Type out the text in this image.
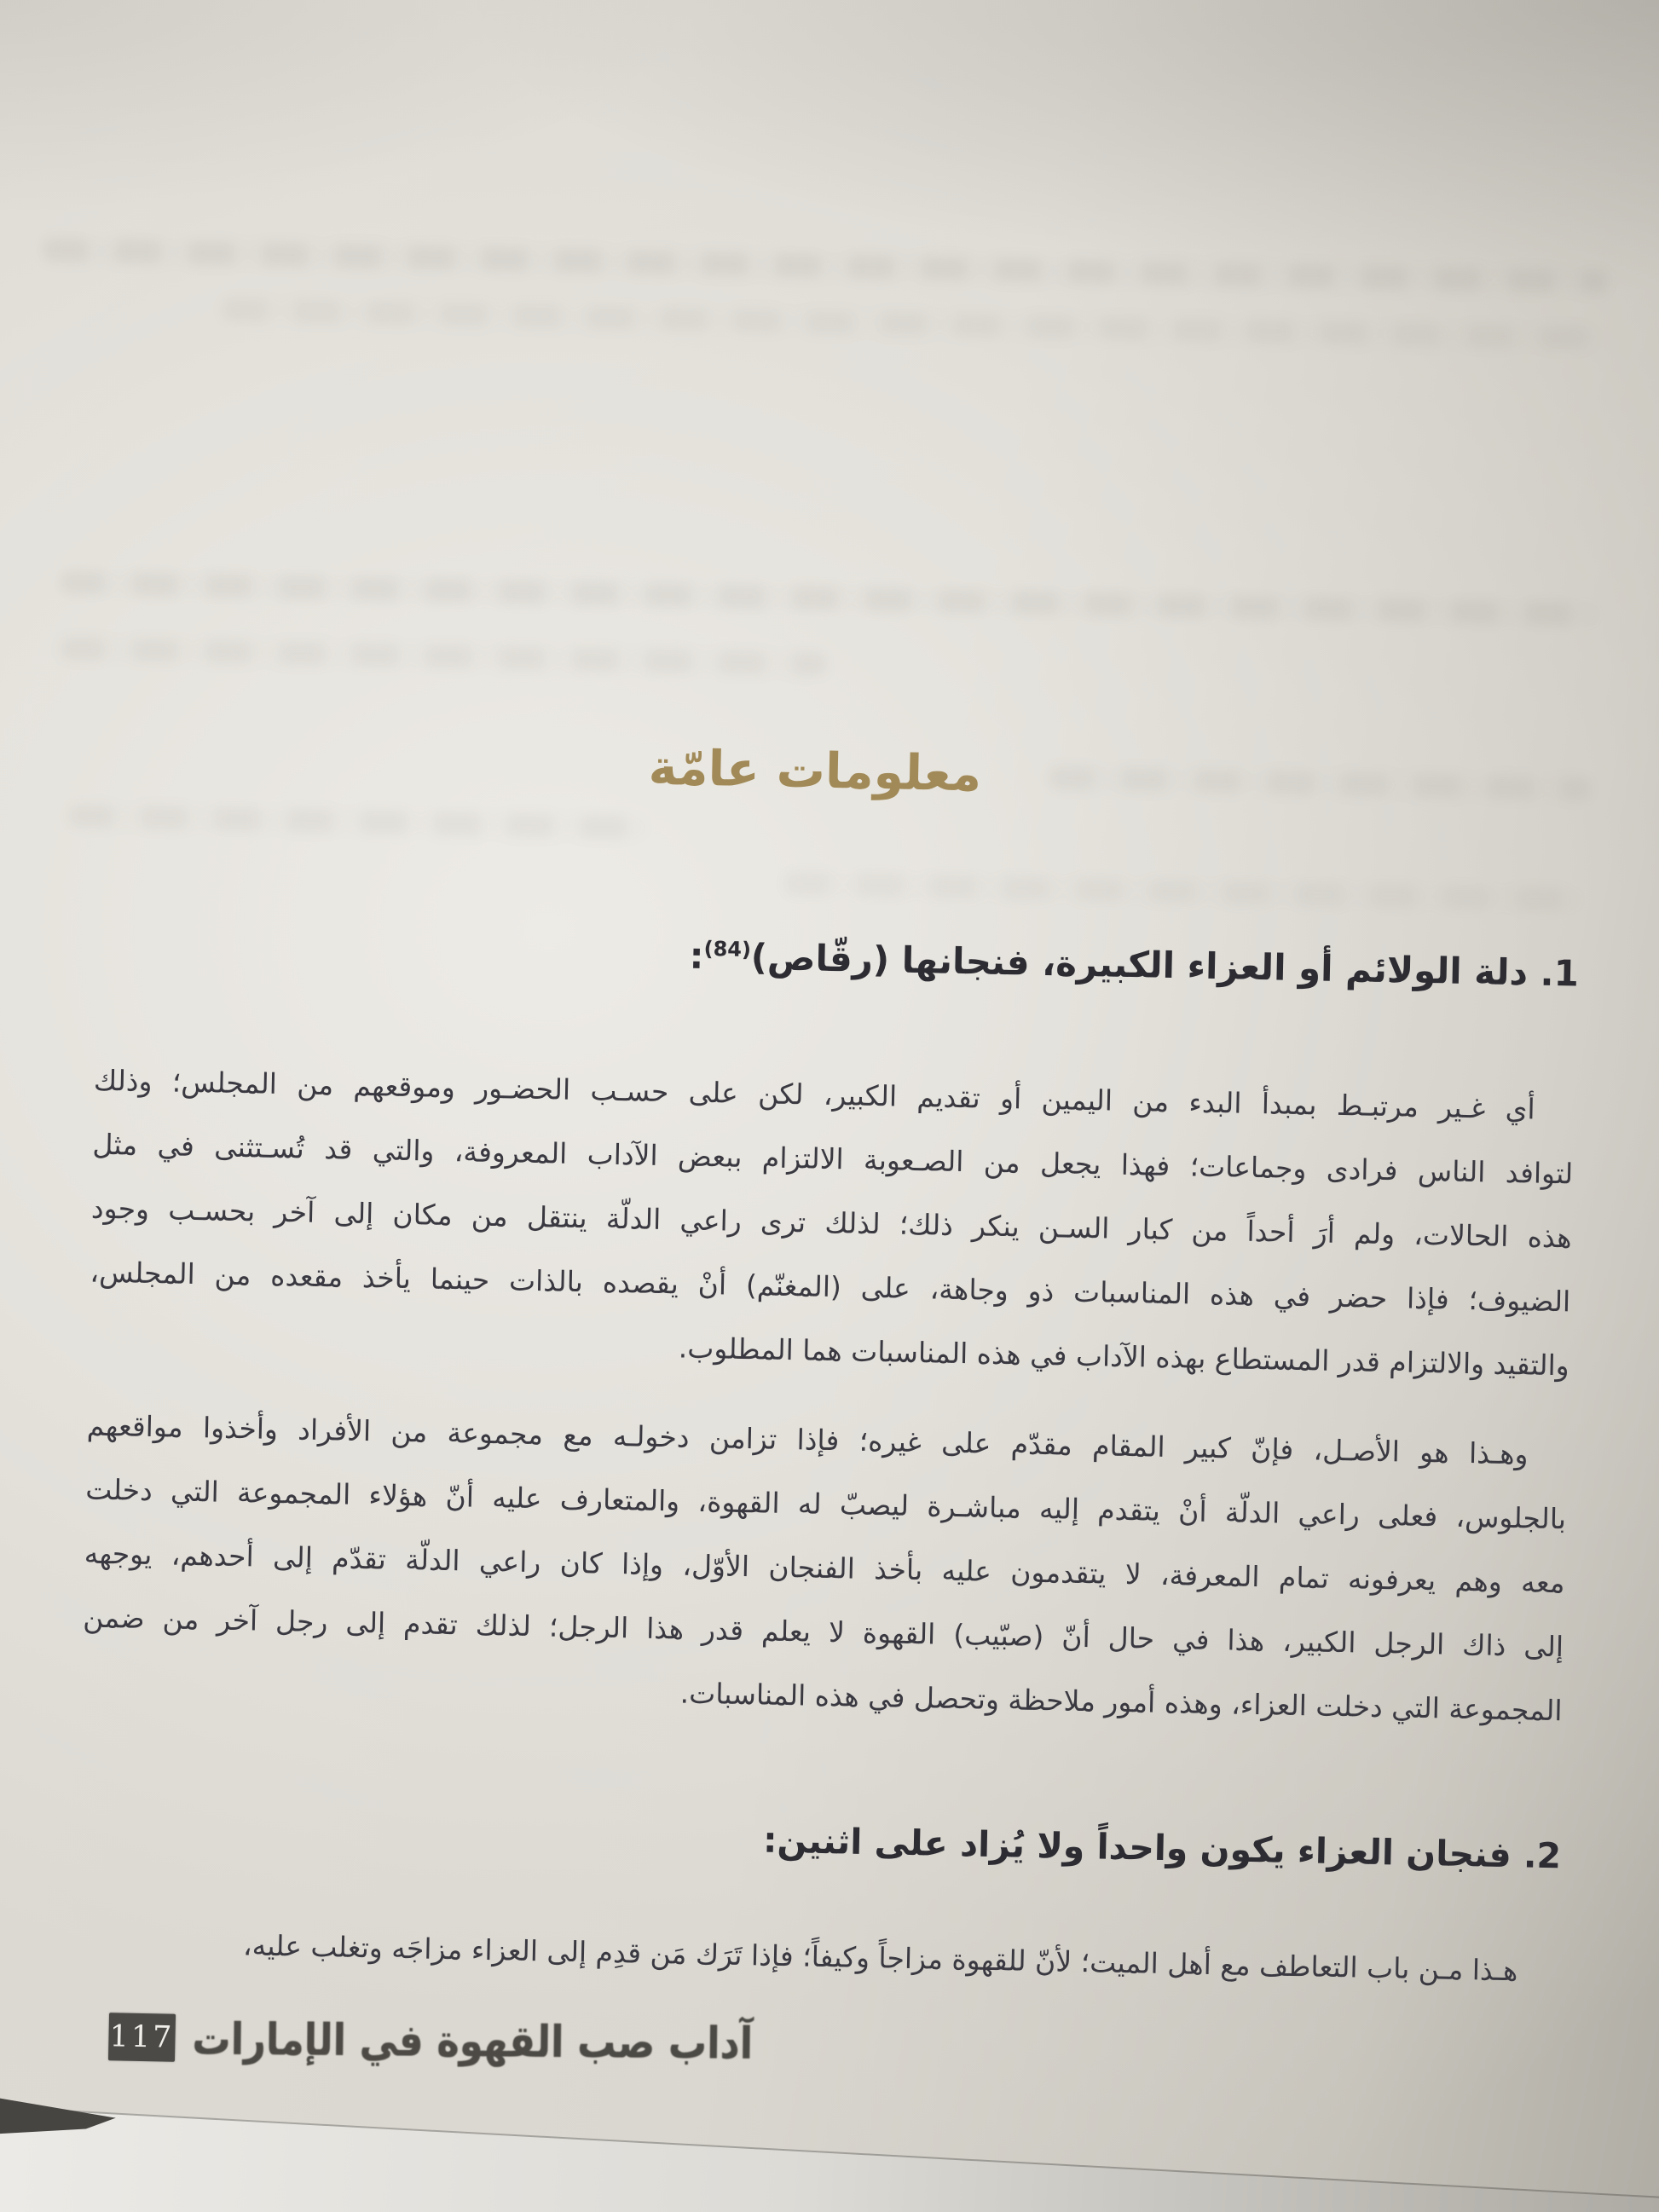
معلومات عامّة
1. دلة الولائم أو العزاء الكبيرة، فنجانها (رقّاص)$^{(84)}$:
أي غـير مرتبـط بمبدأ البدء من اليمين أو تقديم الكبير، لكن على حسـب الحضـور وموقعهم من المجلس؛ وذلك
لتوافد الناس فرادى وجماعات؛ فهذا يجعل من الصـعوبة الالتزام ببعض الآداب المعروفة، والتي قد تُسـتثنى في مثل
هذه الحالات، ولم أرَ أحداً من كبار السـن ينكر ذلك؛ لذلك ترى راعي الدلّة ينتقل من مكان إلى آخر بحسـب وجود
الضيوف؛ فإذا حضر في هذه المناسبات ذو وجاهة، على (المغنّم) أنْ يقصده بالذات حينما يأخذ مقعده من المجلس،
والتقيد والالتزام قدر المستطاع بهذه الآداب في هذه المناسبات هما المطلوب.
وهـذا هو الأصـل، فإنّ كبير المقام مقدّم على غيره؛ فإذا تزامن دخولـه مع مجموعة من الأفراد وأخذوا مواقعهم
بالجلوس، فعلى راعي الدلّة أنْ يتقدم إليه مباشـرة ليصبّ له القهوة، والمتعارف عليه أنّ هؤلاء المجموعة التي دخلت
معه وهم يعرفونه تمام المعرفة، لا يتقدمون عليه بأخذ الفنجان الأوّل، وإذا كان راعي الدلّة تقدّم إلى أحدهم، يوجهه
إلى ذاك الرجل الكبير، هذا في حال أنّ (صبّيب) القهوة لا يعلم قدر هذا الرجل؛ لذلك تقدم إلى رجل آخر من ضمن
المجموعة التي دخلت العزاء، وهذه أمور ملاحظة وتحصل في هذه المناسبات.
2. فنجان العزاء يكون واحداً ولا يُزاد على اثنين:
هـذا مـن باب التعاطف مع أهل الميت؛ لأنّ للقهوة مزاجاً وكيفاً؛ فإذا تَرَك مَن قدِم إلى العزاء مزاجَه وتغلب عليه،
117 آداب صب القهوة في الإمارات
